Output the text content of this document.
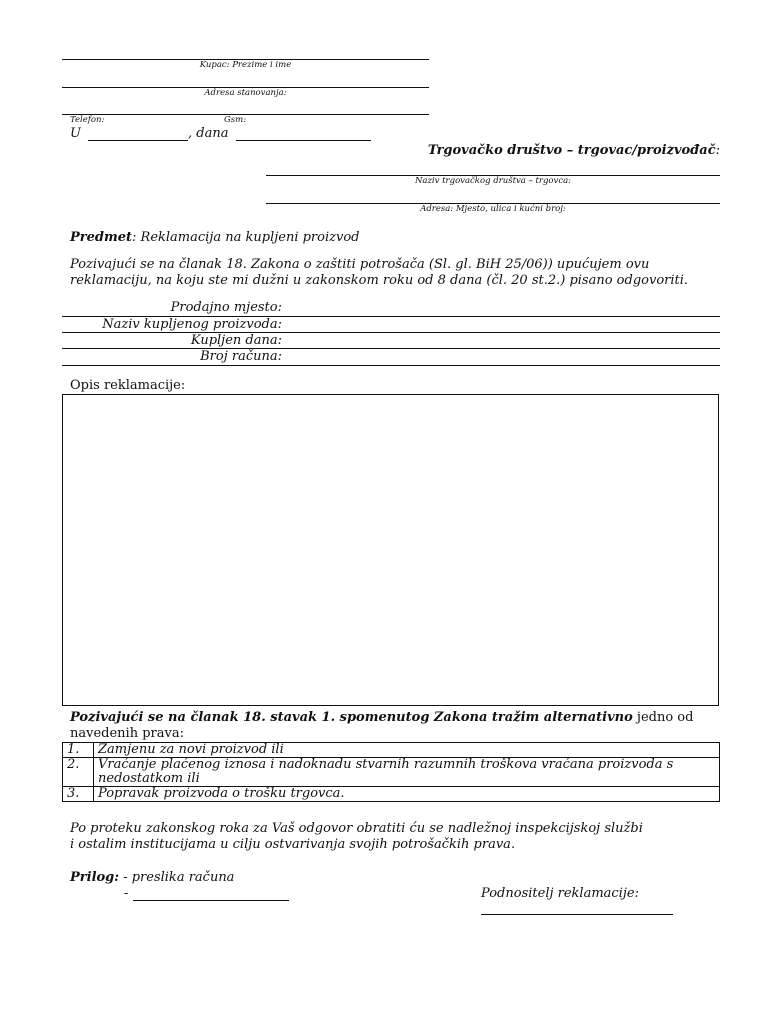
Kupac: Prezime i ime
Adresa stanovanja:
Telefon:	Gsm:
U	, dana
Trgovačko društvo – trgovac/proizvođač:
Naziv trgovačkog društva – trgovca:
Adresa: Mjesto, ulica i kućni broj:
Predmet: Reklamacija na kupljeni proizvod
Pozivajući se na članak 18. Zakona o zaštiti potrošača (Sl. gl. BiH 25/06)) upućujem ovu
reklamaciju, na koju ste mi dužni u zakonskom roku od 8 dana (čl. 20 st.2.) pisano odgovoriti.
Prodajno mjesto:
Naziv kupljenog proizvoda:
Kupljen dana:
Broj računa:
Opis reklamacije:
Pozivajući se na članak 18. stavak 1. spomenutog Zakona tražim alternativno jedno od
navedenih prava:
1.	Zamjenu za novi proizvod ili
2.	Vraćanje plaćenog iznosa i nadoknadu stvarnih razumnih troškova vraćana proizvoda s nedostatkom ili
3.	Popravak proizvoda o trošku trgovca.
Po proteku zakonskog roka za Vaš odgovor obratiti ću se nadležnoj inspekcijskoj službi
i ostalim institucijama u cilju ostvarivanja svojih potrošačkih prava.
Prilog: - preslika računa
-	Podnositelj reklamacije:
